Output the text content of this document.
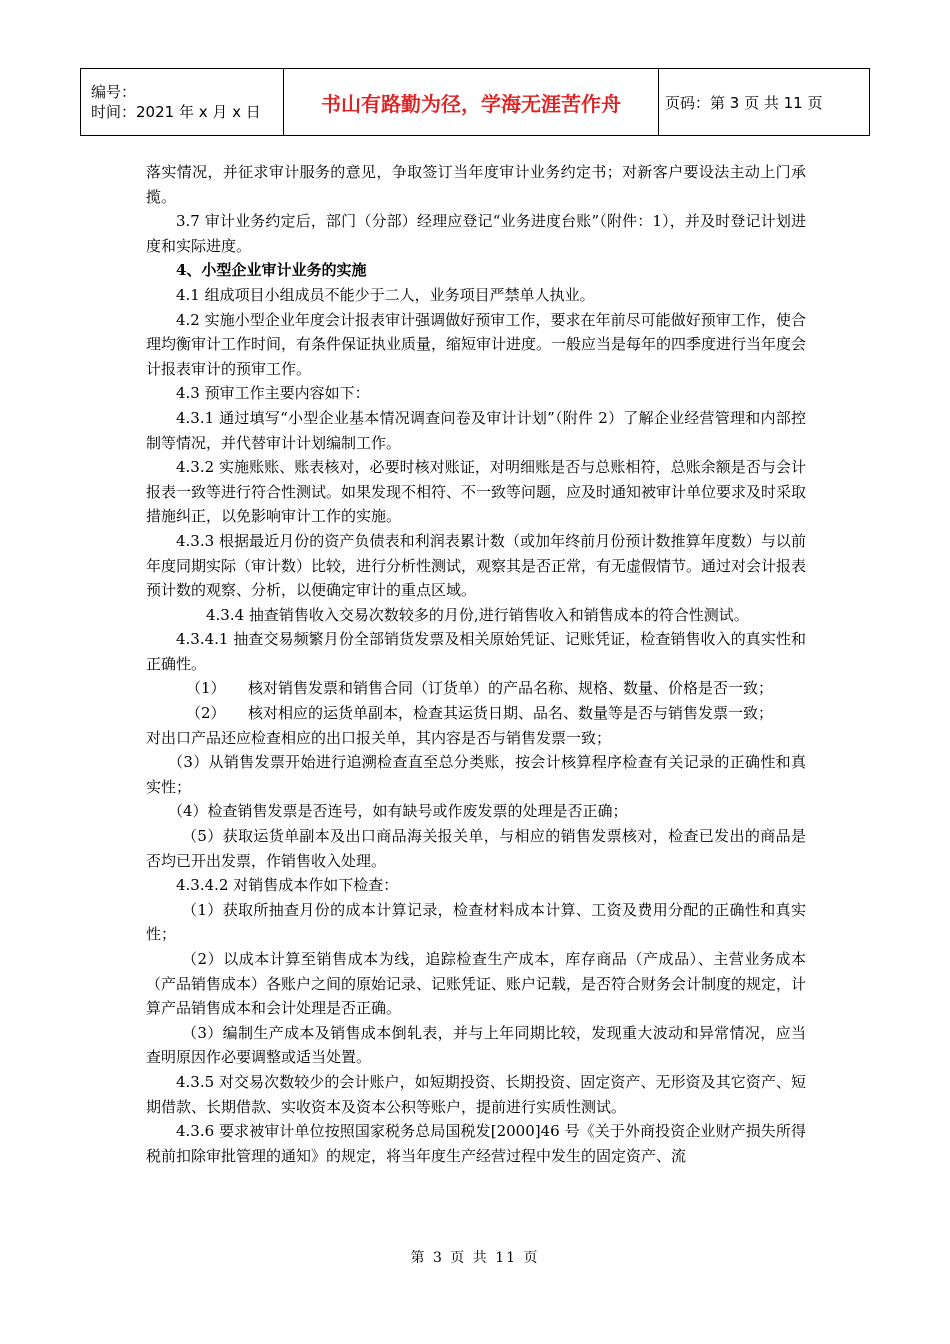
编号：
时间：2021 年 x 月 x 日	书山有路勤为径，学海无涯苦作舟	页码：第 3 页 共 11 页

落实情况，并征求审计服务的意见，争取签订当年度审计业务约定书；对新客户要设法主动上门承揽。

3.7 审计业务约定后，部门（分部）经理应登记“业务进度台账”（附件：1），并及时登记计划进度和实际进度。

4、小型企业审计业务的实施

4.1 组成项目小组成员不能少于二人，业务项目严禁单人执业。

4.2 实施小型企业年度会计报表审计强调做好预审工作，要求在年前尽可能做好预审工作，使合理均衡审计工作时间，有条件保证执业质量，缩短审计进度。一般应当是每年的四季度进行当年度会计报表审计的预审工作。

4.3 预审工作主要内容如下：

4.3.1 通过填写“小型企业基本情况调查问卷及审计计划”（附件 2）了解企业经营管理和内部控制等情况，并代替审计计划编制工作。

4.3.2 实施账账、账表核对，必要时核对账证，对明细账是否与总账相符，总账余额是否与会计报表一致等进行符合性测试。如果发现不相符、不一致等问题，应及时通知被审计单位要求及时采取措施纠正，以免影响审计工作的实施。

4.3.3 根据最近月份的资产负债表和利润表累计数（或加年终前月份预计数推算年度数）与以前年度同期实际（审计数）比较，进行分析性测试，观察其是否正常，有无虚假情节。通过对会计报表预计数的观察、分析，以便确定审计的重点区域。

4.3.4 抽查销售收入交易次数较多的月份,进行销售收入和销售成本的符合性测试。

4.3.4.1 抽查交易频繁月份全部销货发票及相关原始凭证、记账凭证，检查销售收入的真实性和正确性。

（1）	核对销售发票和销售合同（订货单）的产品名称、规格、数量、价格是否一致；

（2）	核对相应的运货单副本，检查其运货日期、品名、数量等是否与销售发票一致；

对出口产品还应检查相应的出口报关单，其内容是否与销售发票一致；

（3）从销售发票开始进行追溯检查直至总分类账，按会计核算程序检查有关记录的正确性和真实性；

（4）检查销售发票是否连号，如有缺号或作废发票的处理是否正确；

（5）获取运货单副本及出口商品海关报关单，与相应的销售发票核对，检查已发出的商品是否均已开出发票，作销售收入处理。

4.3.4.2 对销售成本作如下检查：

（1）获取所抽查月份的成本计算记录，检查材料成本计算、工资及费用分配的正确性和真实性；

（2）以成本计算至销售成本为线，追踪检查生产成本，库存商品（产成品）、主营业务成本（产品销售成本）各账户之间的原始记录、记账凭证、账户记载，是否符合财务会计制度的规定，计算产品销售成本和会计处理是否正确。

（3）编制生产成本及销售成本倒轧表，并与上年同期比较，发现重大波动和异常情况，应当查明原因作必要调整或适当处置。

4.3.5 对交易次数较少的会计账户，如短期投资、长期投资、固定资产、无形资及其它资产、短期借款、长期借款、实收资本及资本公积等账户，提前进行实质性测试。

4.3.6 要求被审计单位按照国家税务总局国税发[2000]46 号《关于外商投资企业财产损失所得税前扣除审批管理的通知》的规定，将当年度生产经营过程中发生的固定资产、流

第 3 页 共 11 页
